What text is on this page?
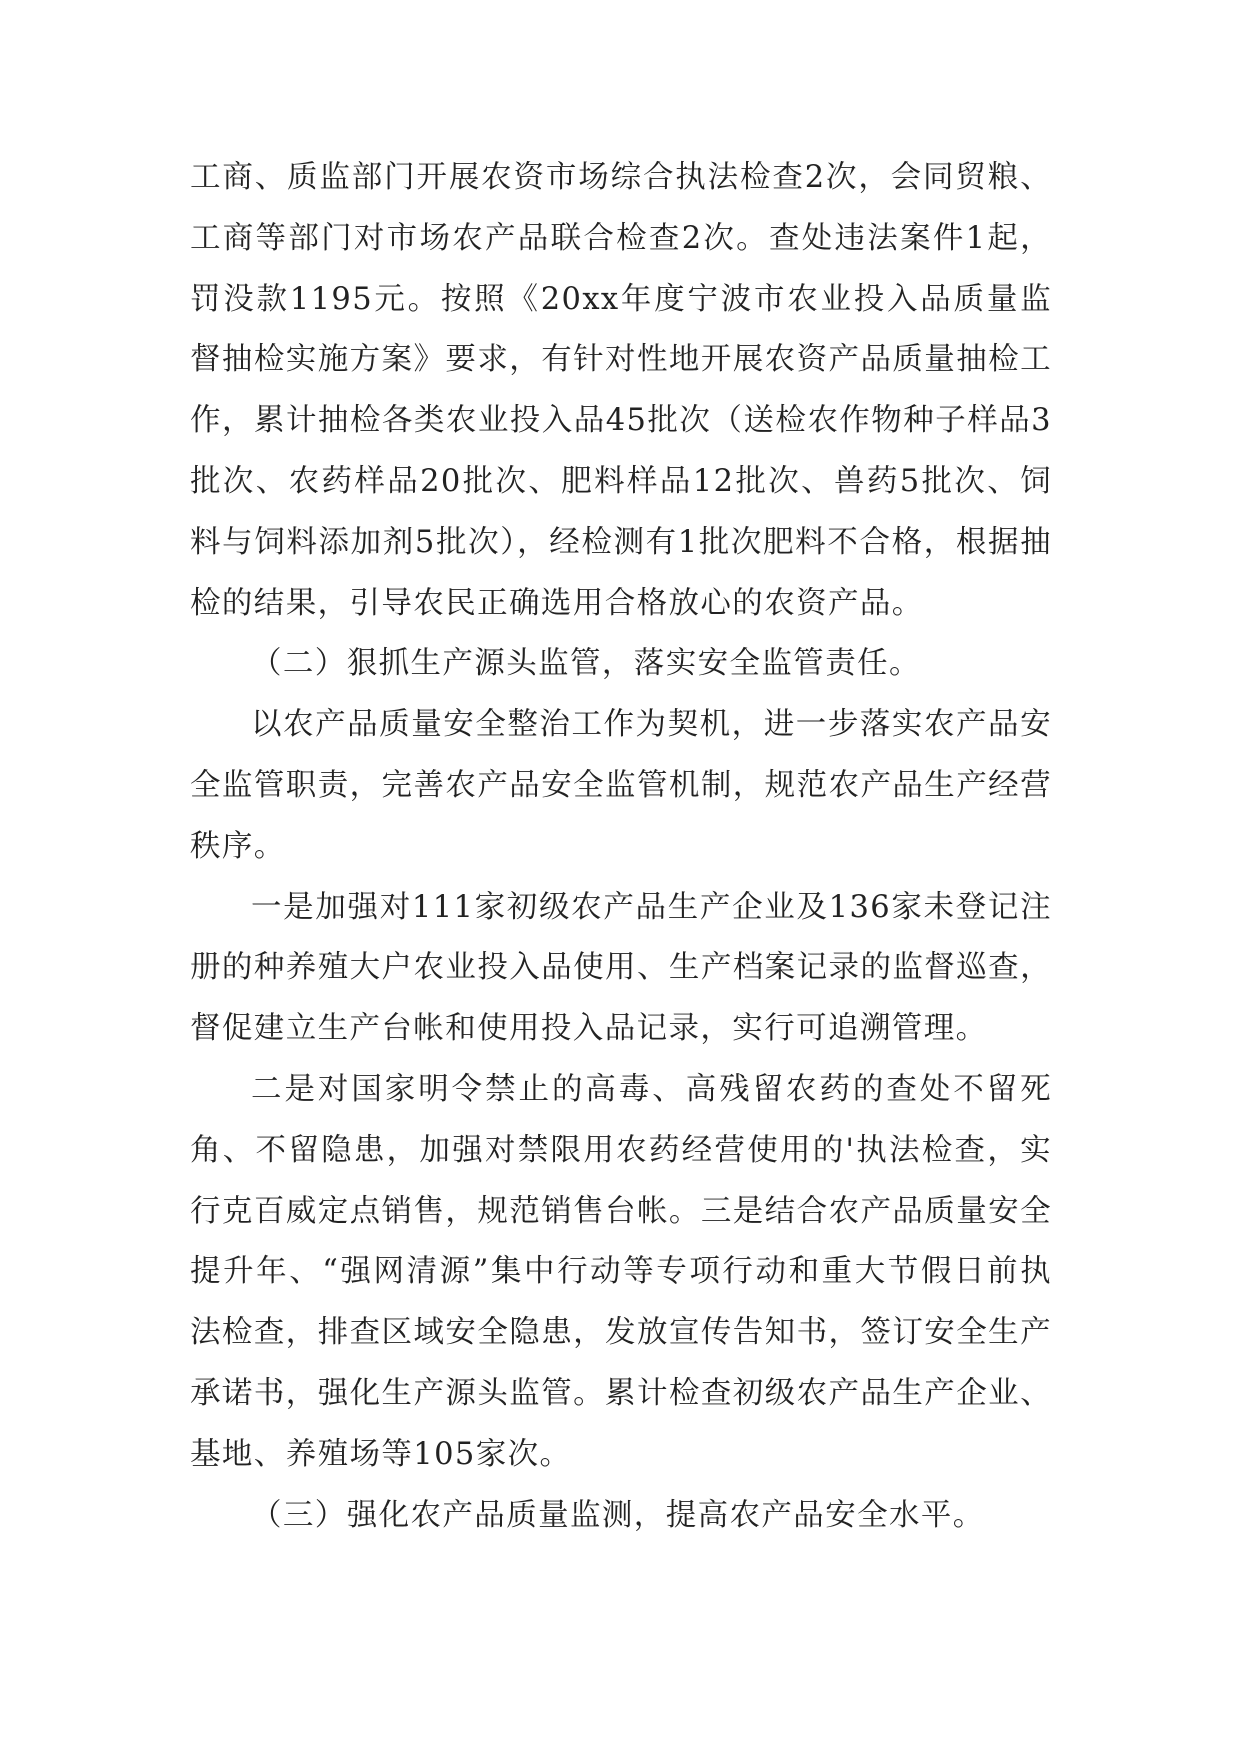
工商、质监部门开展农资市场综合执法检查2次，会同贸粮、工商等部门对市场农产品联合检查2次。查处违法案件1起，罚没款1195元。按照《20xx年度宁波市农业投入品质量监督抽检实施方案》要求，有针对性地开展农资产品质量抽检工作，累计抽检各类农业投入品45批次（送检农作物种子样品3批次、农药样品20批次、肥料样品12批次、兽药5批次、饲料与饲料添加剂5批次），经检测有1批次肥料不合格，根据抽检的结果，引导农民正确选用合格放心的农资产品。

（二）狠抓生产源头监管，落实安全监管责任。

以农产品质量安全整治工作为契机，进一步落实农产品安全监管职责，完善农产品安全监管机制，规范农产品生产经营秩序。

一是加强对111家初级农产品生产企业及136家未登记注册的种养殖大户农业投入品使用、生产档案记录的监督巡查，督促建立生产台帐和使用投入品记录，实行可追溯管理。

二是对国家明令禁止的高毒、高残留农药的查处不留死角、不留隐患，加强对禁限用农药经营使用的'执法检查，实行克百威定点销售，规范销售台帐。三是结合农产品质量安全提升年、“强网清源”集中行动等专项行动和重大节假日前执法检查，排查区域安全隐患，发放宣传告知书，签订安全生产承诺书，强化生产源头监管。累计检查初级农产品生产企业、基地、养殖场等105家次。

（三）强化农产品质量监测，提高农产品安全水平。
